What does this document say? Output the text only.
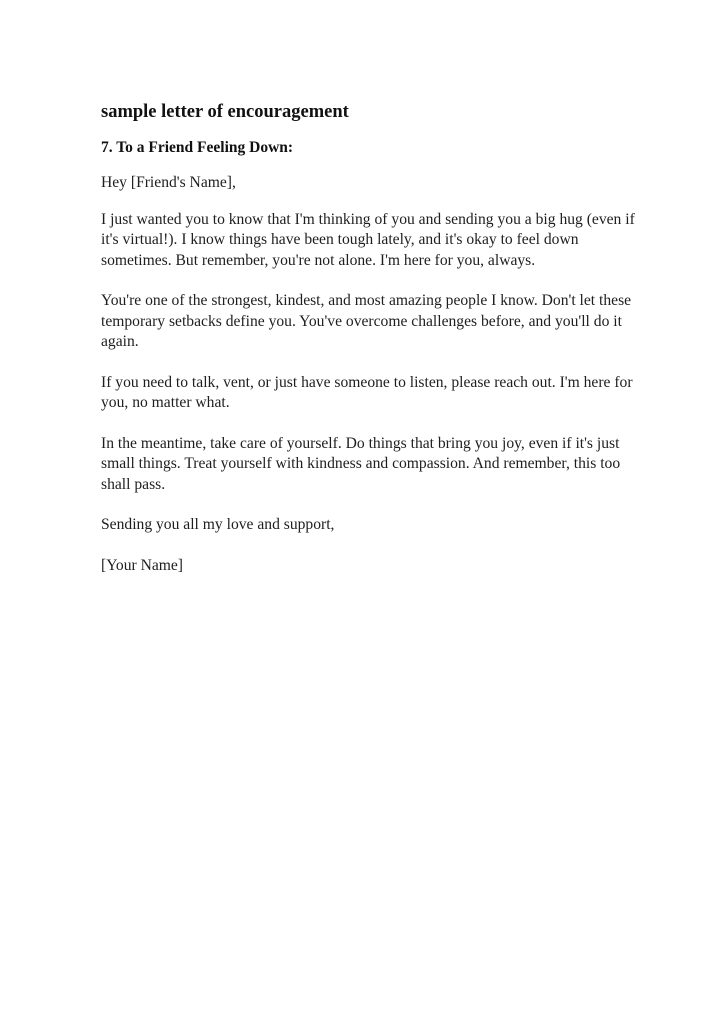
sample letter of encouragement
7. To a Friend Feeling Down:

Hey [Friend's Name],

I just wanted you to know that I'm thinking of you and sending you a big hug (even if it's virtual!). I know things have been tough lately, and it's okay to feel down sometimes. But remember, you're not alone. I'm here for you, always.

You're one of the strongest, kindest, and most amazing people I know. Don't let these temporary setbacks define you. You've overcome challenges before, and you'll do it again.

If you need to talk, vent, or just have someone to listen, please reach out. I'm here for you, no matter what.

In the meantime, take care of yourself. Do things that bring you joy, even if it's just small things. Treat yourself with kindness and compassion. And remember, this too shall pass.

Sending you all my love and support,

[Your Name]
